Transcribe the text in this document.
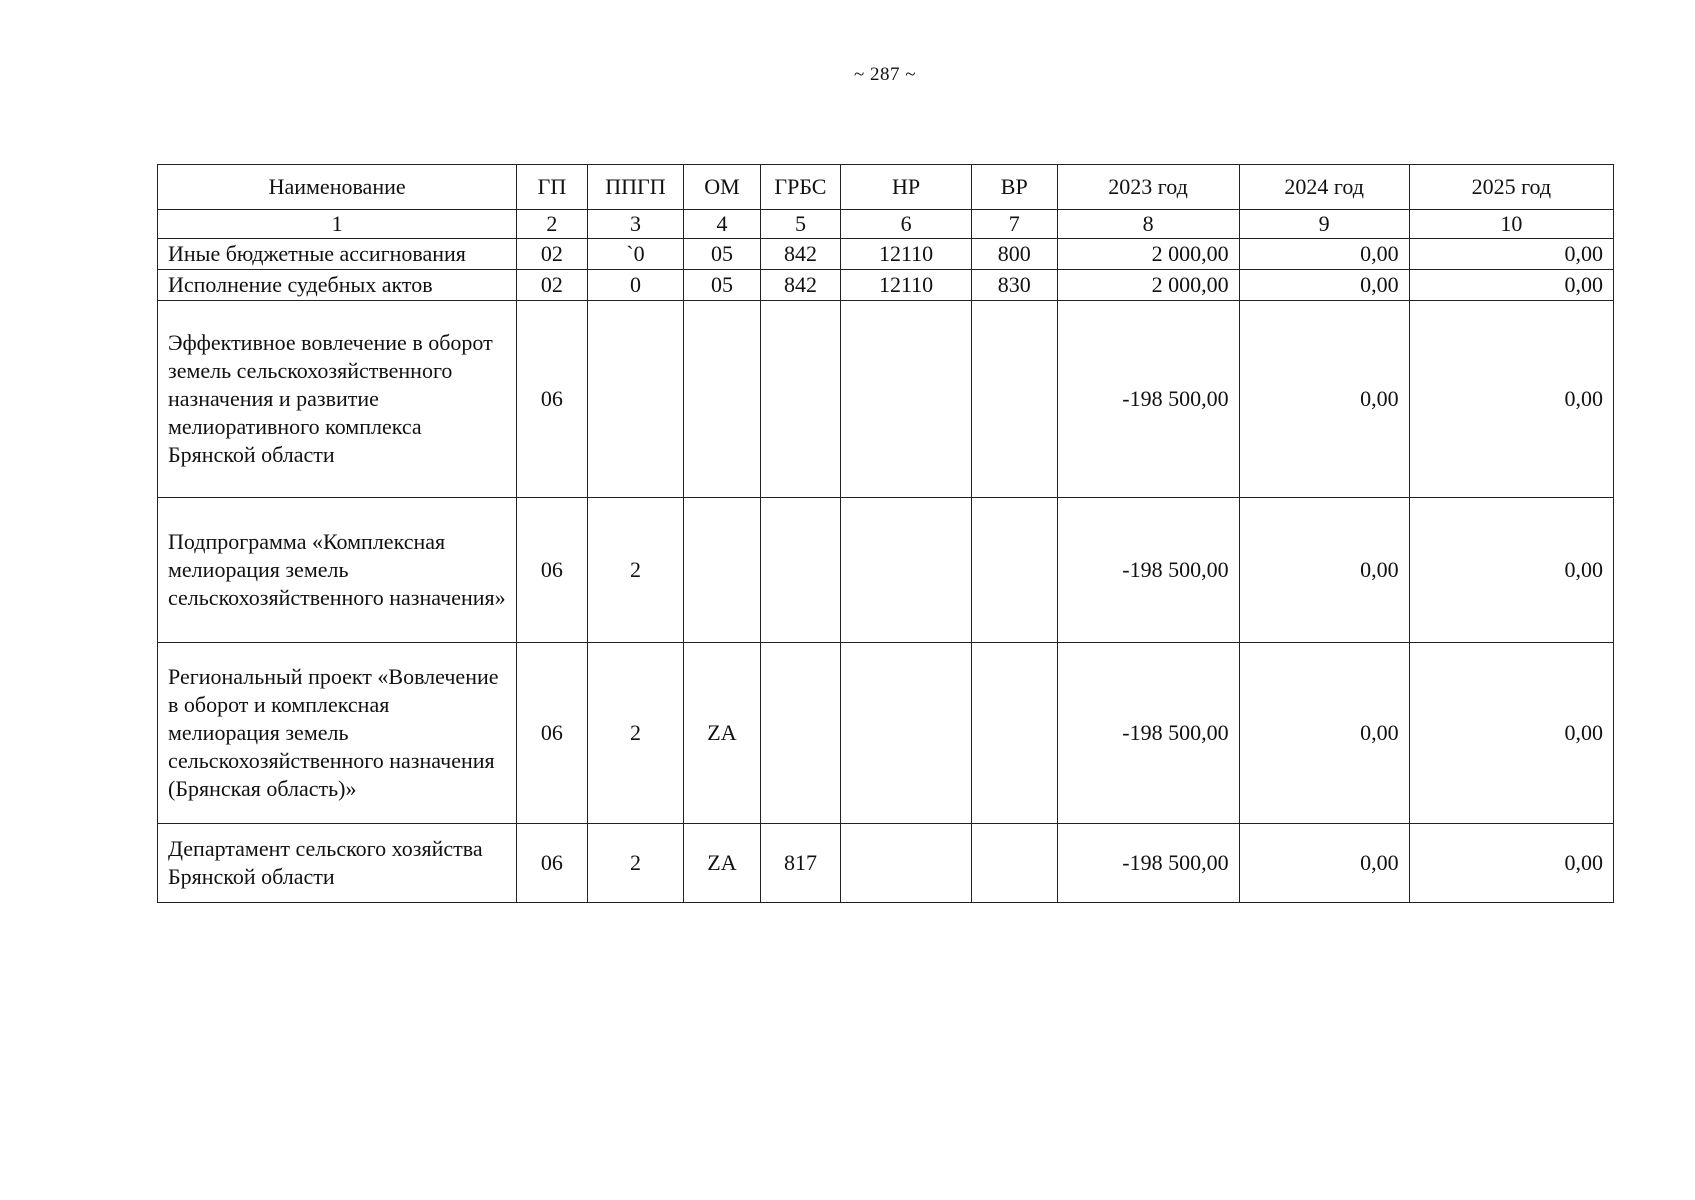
~ 287 ~
Наименование	ГП	ППГП	ОМ	ГРБС	НР	ВР	2023 год	2024 год	2025 год
1	2	3	4	5	6	7	8	9	10
Иные бюджетные ассигнования	02	`0	05	842	12110	800	2 000,00	0,00	0,00
Исполнение судебных актов	02	0	05	842	12110	830	2 000,00	0,00	0,00
Эффективное вовлечение в оборот земель сельскохозяйственного назначения и развитие мелиоративного комплекса Брянской области	06						-198 500,00	0,00	0,00
Подпрограмма «Комплексная мелиорация земель сельскохозяйственного назначения»	06	2					-198 500,00	0,00	0,00
Региональный проект «Вовлечение в оборот и комплексная мелиорация земель сельскохозяйственного назначения (Брянская область)»	06	2	ZA				-198 500,00	0,00	0,00
Департамент сельского хозяйства Брянской области	06	2	ZA	817			-198 500,00	0,00	0,00
